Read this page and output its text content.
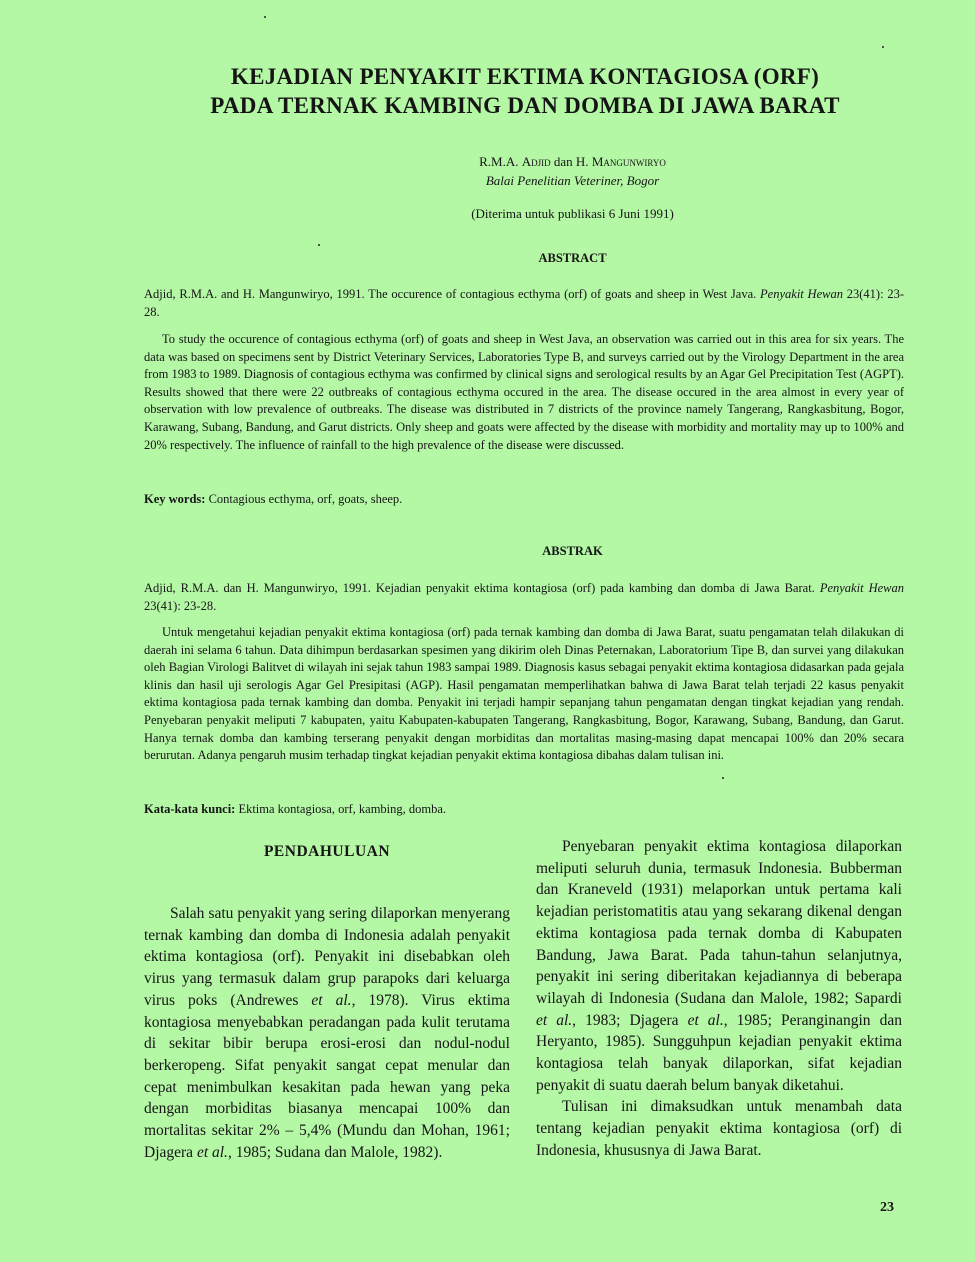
KEJADIAN PENYAKIT EKTIMA KONTAGIOSA (ORF)
PADA TERNAK KAMBING DAN DOMBA DI JAWA BARAT
R.M.A. Adjid dan H. Mangunwiryo
Balai Penelitian Veteriner, Bogor
(Diterima untuk publikasi 6 Juni 1991)
ABSTRACT
Adjid, R.M.A. and H. Mangunwiryo, 1991. The occurence of contagious ecthyma (orf) of goats and sheep in West Java. Penyakit Hewan 23(41): 23-28.
To study the occurence of contagious ecthyma (orf) of goats and sheep in West Java, an observation was carried out in this area for six years. The data was based on specimens sent by District Veterinary Services, Laboratories Type B, and surveys carried out by the Virology Department in the area from 1983 to 1989. Diagnosis of contagious ecthyma was confirmed by clinical signs and serological results by an Agar Gel Precipitation Test (AGPT). Results showed that there were 22 outbreaks of contagious ecthyma occured in the area. The disease occured in the area almost in every year of observation with low prevalence of outbreaks. The disease was distributed in 7 districts of the province namely Tangerang, Rangkasbitung, Bogor, Karawang, Subang, Bandung, and Garut districts. Only sheep and goats were affected by the disease with morbidity and mortality may up to 100% and 20% respectively. The influence of rainfall to the high prevalence of the disease were discussed.
Key words: Contagious ecthyma, orf, goats, sheep.
ABSTRAK
Adjid, R.M.A. dan H. Mangunwiryo, 1991. Kejadian penyakit ektima kontagiosa (orf) pada kambing dan domba di Jawa Barat. Penyakit Hewan 23(41): 23-28.
Untuk mengetahui kejadian penyakit ektima kontagiosa (orf) pada ternak kambing dan domba di Jawa Barat, suatu pengamatan telah dilakukan di daerah ini selama 6 tahun. Data dihimpun berdasarkan spesimen yang dikirim oleh Dinas Peternakan, Laboratorium Tipe B, dan survei yang dilakukan oleh Bagian Virologi Balitvet di wilayah ini sejak tahun 1983 sampai 1989. Diagnosis kasus sebagai penyakit ektima kontagiosa didasarkan pada gejala klinis dan hasil uji serologis Agar Gel Presipitasi (AGP). Hasil pengamatan memperlihatkan bahwa di Jawa Barat telah terjadi 22 kasus penyakit ektima kontagiosa pada ternak kambing dan domba. Penyakit ini terjadi hampir sepanjang tahun pengamatan dengan tingkat kejadian yang rendah. Penyebaran penyakit meliputi 7 kabupaten, yaitu Kabupaten-kabupaten Tangerang, Rangkasbitung, Bogor, Karawang, Subang, Bandung, dan Garut. Hanya ternak domba dan kambing terserang penyakit dengan morbiditas dan mortalitas masing-masing dapat mencapai 100% dan 20% secara berurutan. Adanya pengaruh musim terhadap tingkat kejadian penyakit ektima kontagiosa dibahas dalam tulisan ini.
Kata-kata kunci: Ektima kontagiosa, orf, kambing, domba.
PENDAHULUAN

Salah satu penyakit yang sering dilaporkan menyerang ternak kambing dan domba di Indonesia adalah penyakit ektima kontagiosa (orf). Penyakit ini disebabkan oleh virus yang termasuk dalam grup parapoks dari keluarga virus poks (Andrewes et al., 1978). Virus ektima kontagiosa menyebabkan peradangan pada kulit terutama di sekitar bibir berupa erosi-erosi dan nodul-nodul berkeropeng. Sifat penyakit sangat cepat menular dan cepat menimbulkan kesakitan pada hewan yang peka dengan morbiditas biasanya mencapai 100% dan mortalitas sekitar 2% – 5,4% (Mundu dan Mohan, 1961; Djagera et al., 1985; Sudana dan Malole, 1982).

Penyebaran penyakit ektima kontagiosa dilaporkan meliputi seluruh dunia, termasuk Indonesia. Bubberman dan Kraneveld (1931) melaporkan untuk pertama kali kejadian peristomatitis atau yang sekarang dikenal dengan ektima kontagiosa pada ternak domba di Kabupaten Bandung, Jawa Barat. Pada tahun-tahun selanjutnya, penyakit ini sering diberitakan kejadiannya di beberapa wilayah di Indonesia (Sudana dan Malole, 1982; Sapardi et al., 1983; Djagera et al., 1985; Peranginangin dan Heryanto, 1985). Sungguhpun kejadian penyakit ektima kontagiosa telah banyak dilaporkan, sifat kejadian penyakit di suatu daerah belum banyak diketahui.

Tulisan ini dimaksudkan untuk menambah data tentang kejadian penyakit ektima kontagiosa (orf) di Indonesia, khususnya di Jawa Barat.

23
